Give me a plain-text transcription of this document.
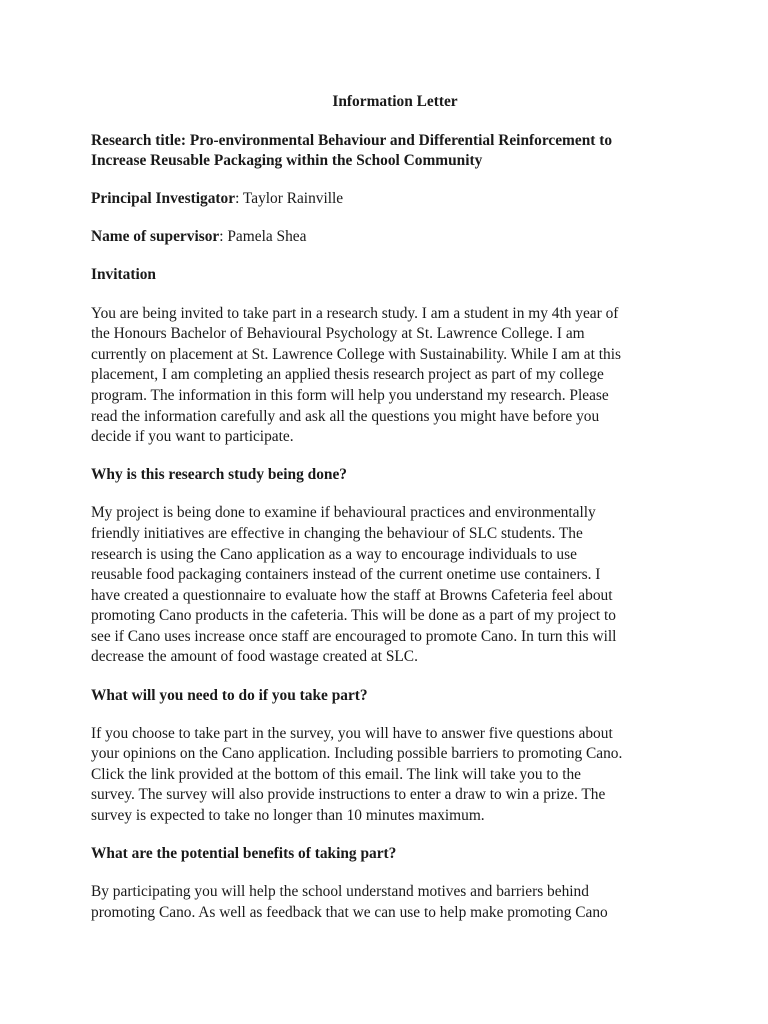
Information Letter

Research title: Pro-environmental Behaviour and Differential Reinforcement to
Increase Reusable Packaging within the School Community

Principal Investigator: Taylor Rainville

Name of supervisor: Pamela Shea

Invitation

You are being invited to take part in a research study. I am a student in my 4th year of
the Honours Bachelor of Behavioural Psychology at St. Lawrence College. I am
currently on placement at St. Lawrence College with Sustainability. While I am at this
placement, I am completing an applied thesis research project as part of my college
program. The information in this form will help you understand my research. Please
read the information carefully and ask all the questions you might have before you
decide if you want to participate.

Why is this research study being done?

My project is being done to examine if behavioural practices and environmentally
friendly initiatives are effective in changing the behaviour of SLC students. The
research is using the Cano application as a way to encourage individuals to use
reusable food packaging containers instead of the current onetime use containers. I
have created a questionnaire to evaluate how the staff at Browns Cafeteria feel about
promoting Cano products in the cafeteria. This will be done as a part of my project to
see if Cano uses increase once staff are encouraged to promote Cano. In turn this will
decrease the amount of food wastage created at SLC.

What will you need to do if you take part?

If you choose to take part in the survey, you will have to answer five questions about
your opinions on the Cano application. Including possible barriers to promoting Cano.
Click the link provided at the bottom of this email. The link will take you to the
survey. The survey will also provide instructions to enter a draw to win a prize. The
survey is expected to take no longer than 10 minutes maximum.

What are the potential benefits of taking part?

By participating you will help the school understand motives and barriers behind
promoting Cano. As well as feedback that we can use to help make promoting Cano
